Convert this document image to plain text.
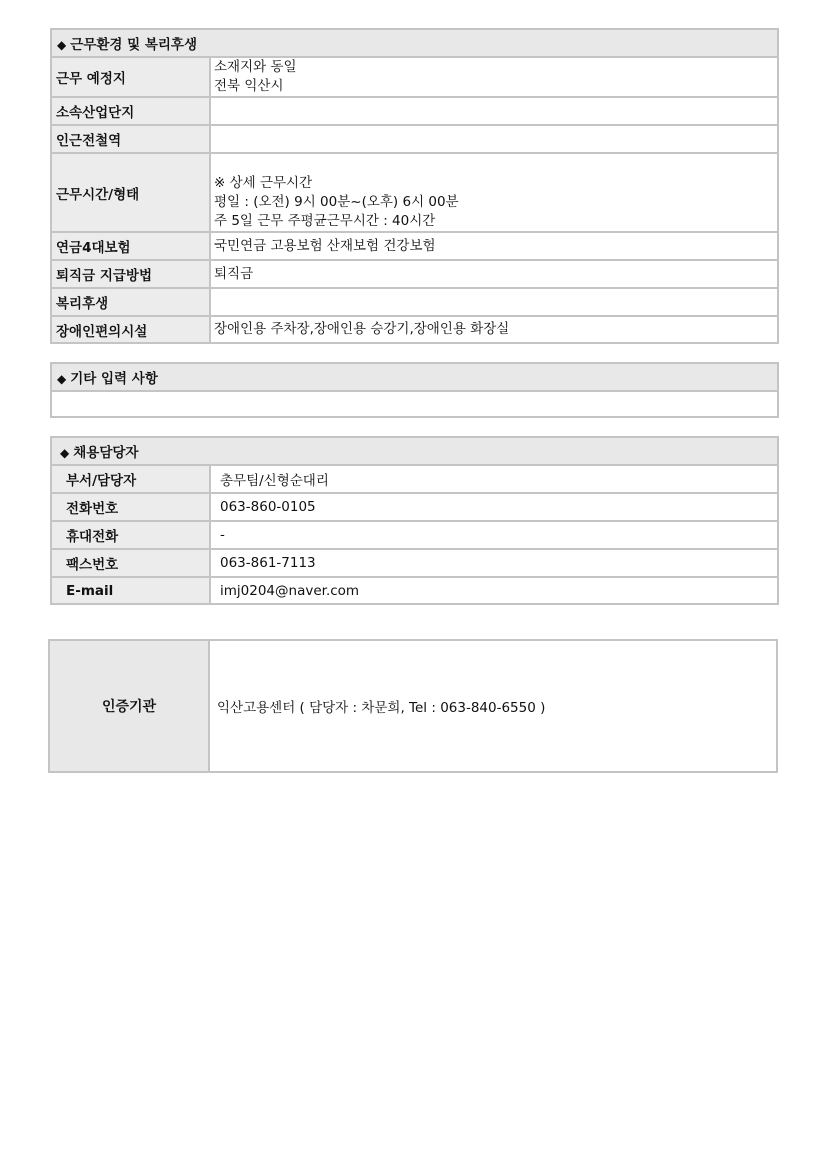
◆ 근무환경 및 복리후생	
근무 예정지	소재지와 동일
전북 익산시

소속산업단지	
인근전철역	
근무시간/형태	※ 상세 근무시간
평일 : (오전) 9시 00분~(오후) 6시 00분
주 5일 근무 주평균근무시간 : 40시간

연금4대보험	국민연금 고용보험 산재보험 건강보험
퇴직금 지급방법	퇴직금
복리후생	
장애인편의시설	장애인용 주차장,장애인용 승강기,장애인용 화장실
◆ 기타 입력 사항

◆ 채용담당자	
부서/담당자	총무팀/신형순대리
전화번호	063-860-0105
휴대전화	-
팩스번호	063-861-7113
E-mail	imj0204@naver.com
인증기관	익산고용센터 ( 담당자 : 차문희, Tel : 063-840-6550 )
